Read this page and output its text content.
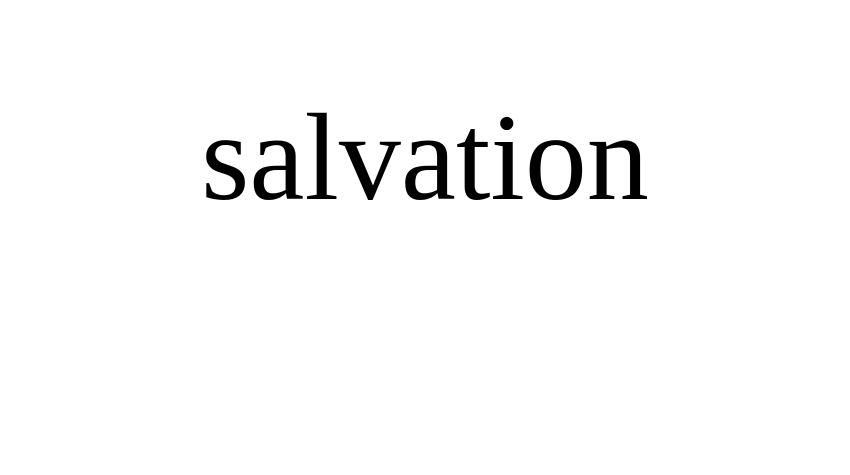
salvation
